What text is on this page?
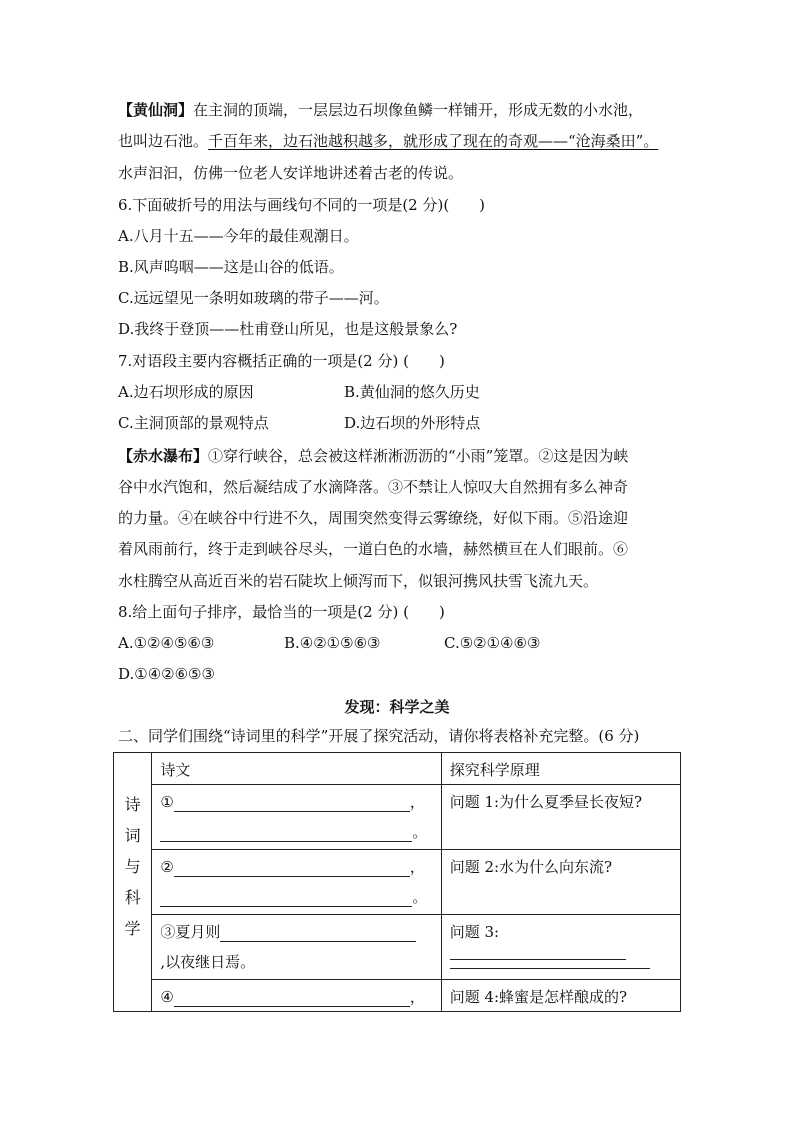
【黄仙洞】在主洞的顶端，一层层边石坝像鱼鳞一样铺开，形成无数的小水池，
也叫边石池。千百年来，边石池越积越多，就形成了现在的奇观——“沧海桑田”。
水声汩汩，仿佛一位老人安详地讲述着古老的传说。
6.下面破折号的用法与画线句不同的一项是(2 分)(　　)
A.八月十五——今年的最佳观潮日。
B.风声呜咽——这是山谷的低语。
C.远远望见一条明如玻璃的带子——河。
D.我终于登顶——杜甫登山所见，也是这般景象么?
7.对语段主要内容概括正确的一项是(2 分) (　　)
A.边石坝形成的原因	B.黄仙洞的悠久历史
C.主洞顶部的景观特点	D.边石坝的外形特点
【赤水瀑布】①穿行峡谷，总会被这样淅淅沥沥的“小雨”笼罩。②这是因为峡
谷中水汽饱和，然后凝结成了水滴降落。③不禁让人惊叹大自然拥有多么神奇
的力量。④在峡谷中行进不久，周围突然变得云雾缭绕，好似下雨。⑤沿途迎
着风雨前行，终于走到峡谷尽头，一道白色的水墙，赫然横亘在人们眼前。⑥
水柱腾空从高近百米的岩石陡坎上倾泻而下，似银河携风扶雪飞流九天。
8.给上面句子排序，最恰当的一项是(2 分) (　　)
A.①②④⑤⑥③	B.④②①⑤⑥③	C.⑤②①④⑥③
D.①④②⑥⑤③
发现：科学之美
二、同学们围绕“诗词里的科学”开展了探究活动，请你将表格补充完整。(6 分)
诗
词
与
科
学	诗文	探究科学原理

	① ，
。	问题 1:为什么夏季昼长夜短?

	② ，
。	问题 2:水为什么向东流?

	③夏月则
,以夜继日焉。	问题 3:

	④ ，	问题 4:蜂蜜是怎样酿成的?
